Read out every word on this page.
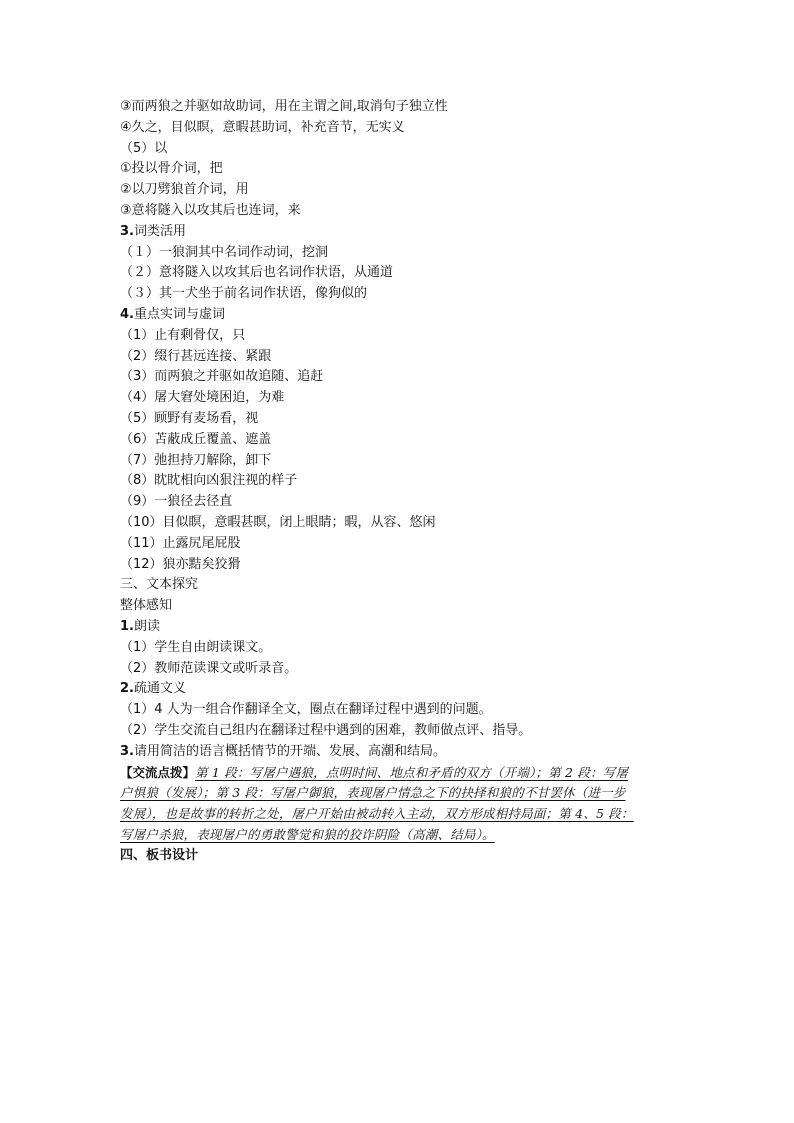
③而两狼之并驱如故助词，用在主谓之间,取消句子独立性
④久之，目似瞑，意暇甚助词，补充音节，无实义
（5）以
①投以骨介词，把
②以刀劈狼首介词，用
③意将隧入以攻其后也连词，来
3.词类活用
（１）一狼洞其中名词作动词，挖洞
（２）意将隧入以攻其后也名词作状语，从通道
（３）其一犬坐于前名词作状语，像狗似的
4.重点实词与虚词
（1）止有剩骨仅，只
（2）缀行甚远连接、紧跟
（3）而两狼之并驱如故追随、追赶
（4）屠大窘处境困迫，为难
（5）顾野有麦场看，视
（6）苫蔽成丘覆盖、遮盖
（7）弛担持刀解除，卸下
（8）眈眈相向凶狠注视的样子
（9）一狼径去径直
（10）目似瞑，意暇甚瞑，闭上眼睛；暇，从容、悠闲
（11）止露尻尾屁股
（12）狼亦黠矣狡猾
三、文本探究
整体感知
1.朗读
（1）学生自由朗读课文。
（2）教师范读课文或听录音。
2.疏通文义
（1）4 人为一组合作翻译全文，圈点在翻译过程中遇到的问题。
（2）学生交流自己组内在翻译过程中遇到的困难，教师做点评、指导。
3.请用简洁的语言概括情节的开端、发展、高潮和结局。
【交流点拨】第 1 段：写屠户遇狼，点明时间、地点和矛盾的双方（开端）；第 2 段：写屠
户惧狼（发展）；第 3 段：写屠户御狼，表现屠户情急之下的抉择和狼的不甘罢休（进一步
发展），也是故事的转折之处，屠户开始由被动转入主动，双方形成相持局面；第 4、5 段：
写屠户杀狼，表现屠户的勇敢警觉和狼的狡诈阴险（高潮、结局）。
四、板书设计
